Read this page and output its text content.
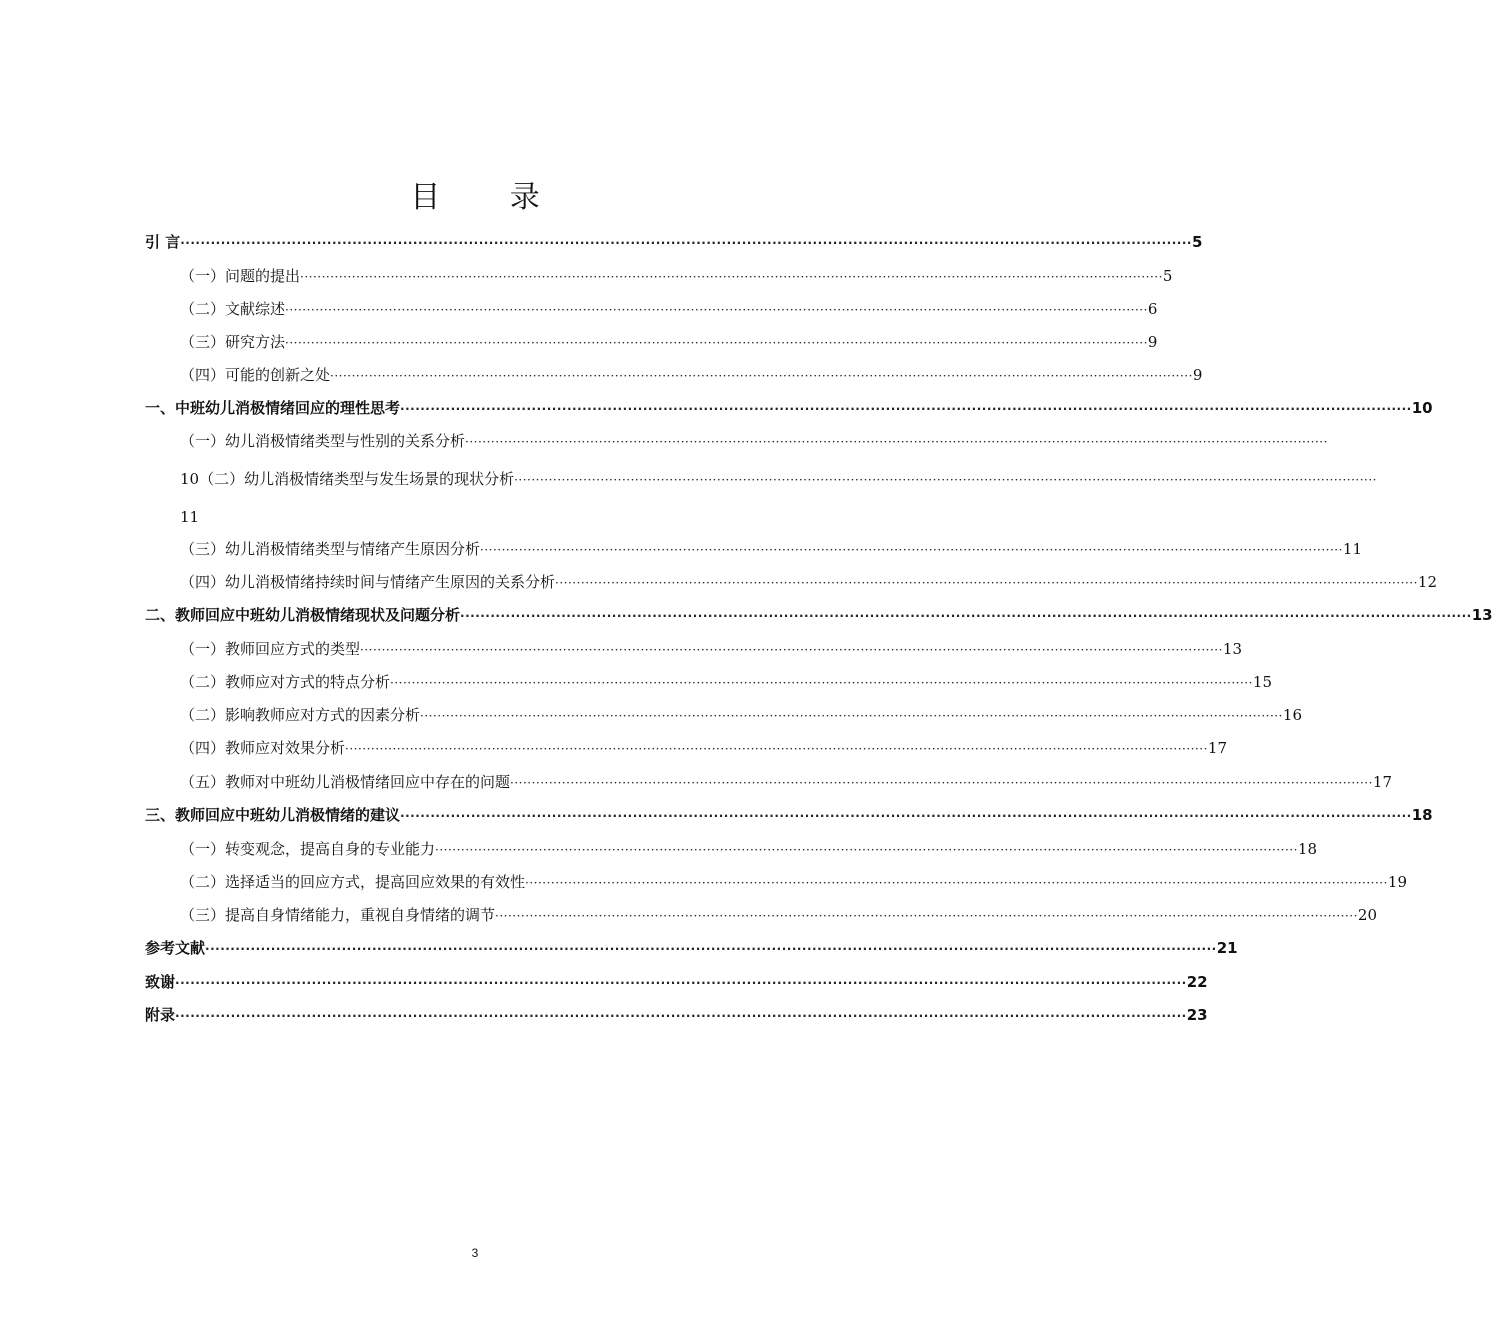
目 录
引 言 ········································································································································································································ 5
（一）问题的提出 ········································································································································································································ 5
（二）文献综述 ········································································································································································································ 6
（三）研究方法 ········································································································································································································ 9
（四）可能的创新之处 ········································································································································································································ 9
一、中班幼儿消极情绪回应的理性思考 ········································································································································································································ 10
（一）幼儿消极情绪类型与性别的关系分析 ········································································································································································································
10（二）幼儿消极情绪类型与发生场景的现状分析 ········································································································································································································
11
（三）幼儿消极情绪类型与情绪产生原因分析 ········································································································································································································ 11
（四）幼儿消极情绪持续时间与情绪产生原因的关系分析 ········································································································································································································ 12
二、教师回应中班幼儿消极情绪现状及问题分析 ········································································································································································································ 13
（一）教师回应方式的类型 ········································································································································································································ 13
（二）教师应对方式的特点分析 ········································································································································································································ 15
（二）影响教师应对方式的因素分析 ········································································································································································································ 16
（四）教师应对效果分析 ········································································································································································································ 17
（五）教师对中班幼儿消极情绪回应中存在的问题 ········································································································································································································ 17
三、教师回应中班幼儿消极情绪的建议 ········································································································································································································ 18
（一）转变观念，提高自身的专业能力 ········································································································································································································ 18
（二）选择适当的回应方式，提高回应效果的有效性 ········································································································································································································ 19
（三）提高自身情绪能力，重视自身情绪的调节 ········································································································································································································ 20
参考文献 ········································································································································································································ 21
致谢 ········································································································································································································ 22
附录 ········································································································································································································ 23
3
